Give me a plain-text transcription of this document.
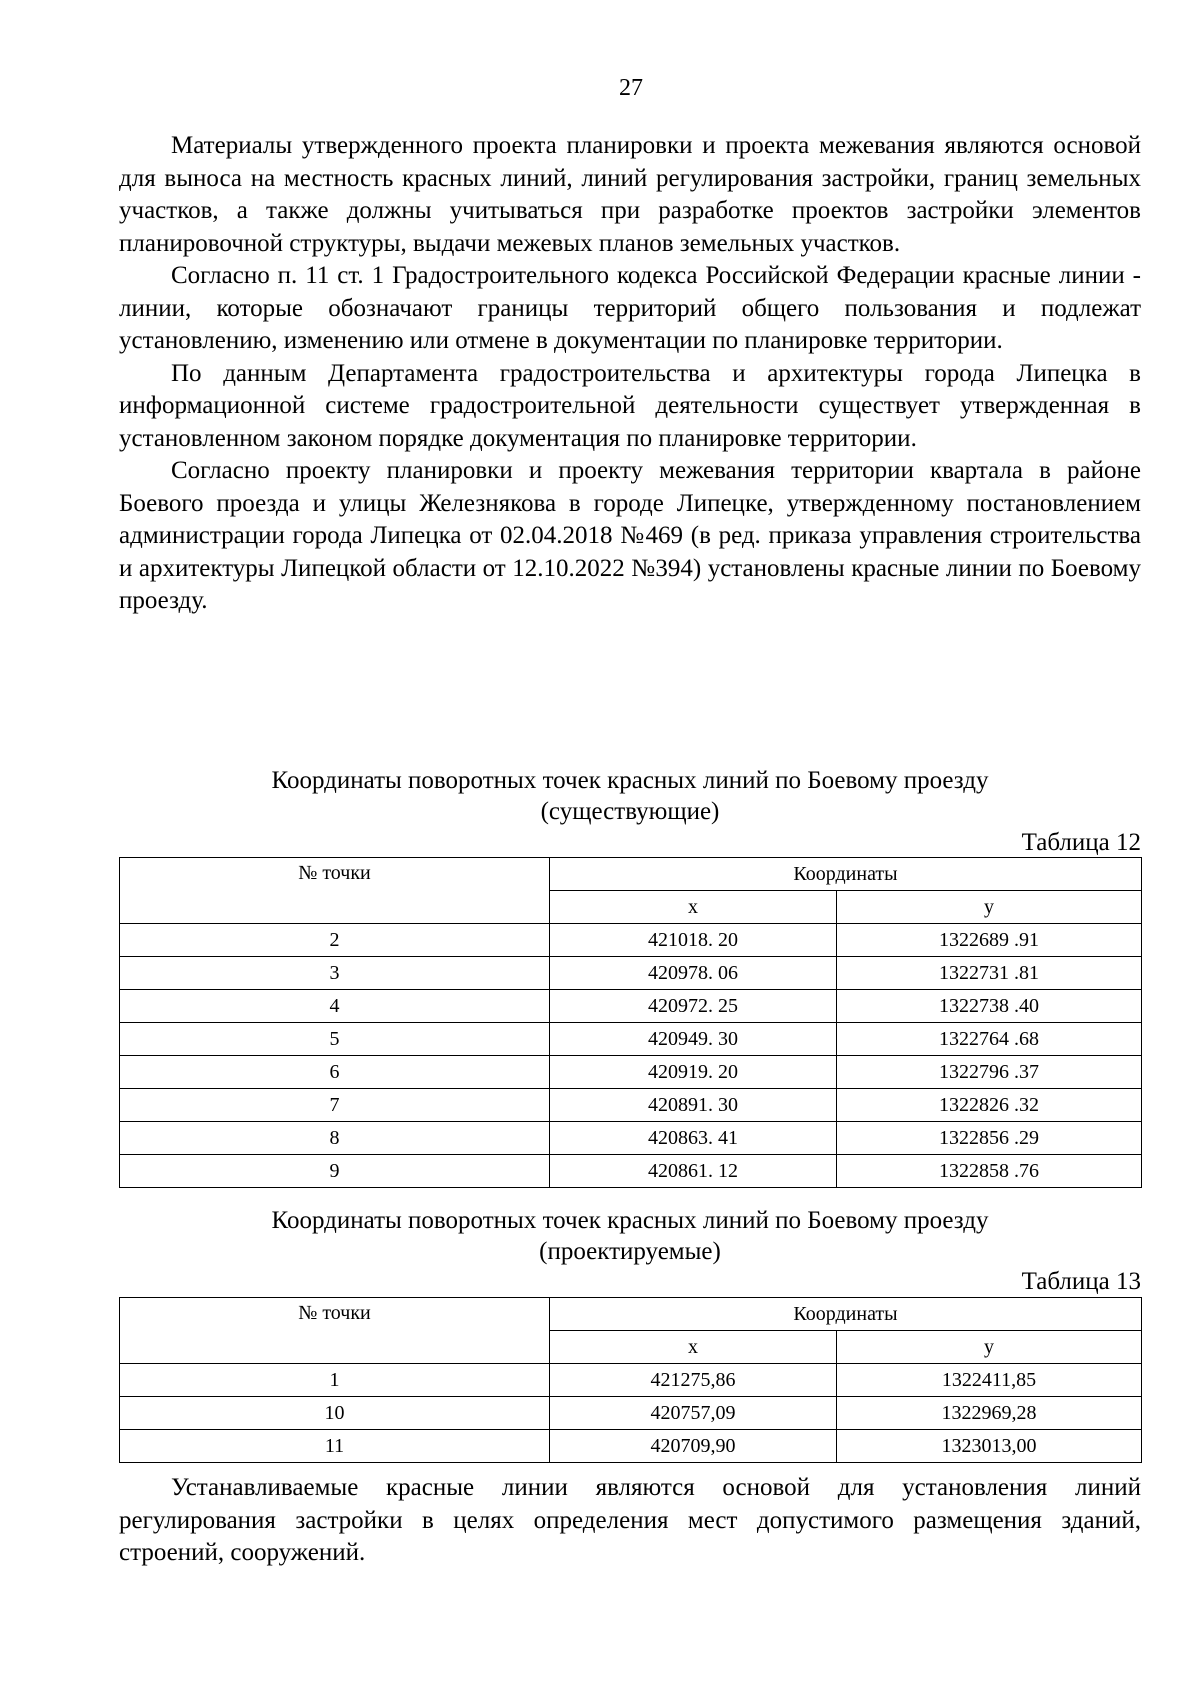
27

Материалы утвержденного проекта планировки и проекта межевания являются основой для выноса на местность красных линий, линий регулирования застройки, границ земельных участков, а также должны учитываться при разработке проектов застройки элементов планировочной структуры, выдачи межевых планов земельных участков.

Согласно п. 11 ст. 1 Градостроительного кодекса Российской Федерации красные линии - линии, которые обозначают границы территорий общего пользования и подлежат установлению, изменению или отмене в документации по планировке территории.

По данным Департамента градостроительства и архитектуры города Липецка в информационной системе градостроительной деятельности существует утвержденная в установленном законом порядке документация по планировке территории.

Согласно проекту планировки и проекту межевания территории квартала в районе Боевого проезда и улицы Железнякова в городе Липецке, утвержденному постановлением администрации города Липецка от 02.04.2018 №469 (в ред. приказа управления строительства и архитектуры Липецкой области от 12.10.2022 №394) установлены красные линии по Боевому проезду.

Координаты поворотных точек красных линий по Боевому проезду
(существующие)

Таблица 12
№ точки	Координаты	
	x	y
2	421018. 20	1322689 .91
3	420978. 06	1322731 .81
4	420972. 25	1322738 .40
5	420949. 30	1322764 .68
6	420919. 20	1322796 .37
7	420891. 30	1322826 .32
8	420863. 41	1322856 .29
9	420861. 12	1322858 .76

Координаты поворотных точек красных линий по Боевому проезду
(проектируемые)

Таблица 13
№ точки	Координаты	
	x	у
1	421275,86	1322411,85
10	420757,09	1322969,28
11	420709,90	1323013,00

Устанавливаемые красные линии являются основой для установления линий регулирования застройки в целях определения мест допустимого размещения зданий, строений, сооружений.
